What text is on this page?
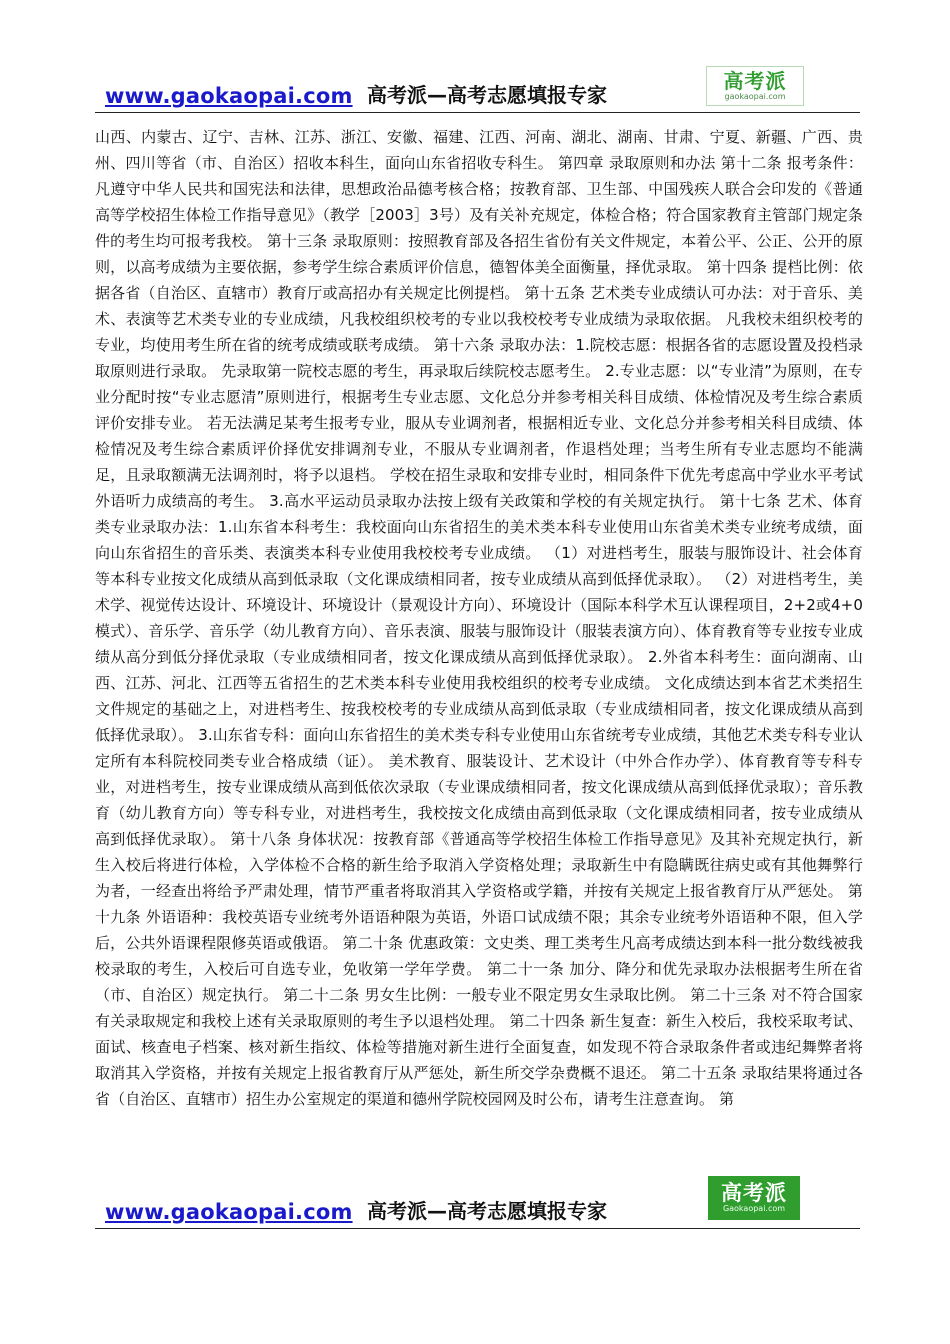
www.gaokaopai.com 高考派—高考志愿填报专家
高考派
gaokaopai.com
山西、内蒙古、辽宁、吉林、江苏、浙江、安徽、福建、江西、河南、湖北、湖南、甘肃、宁夏、新疆、广西、贵州、四川等省（市、自治区）招收本科生，面向山东省招收专科生。 第四章 录取原则和办法 第十二条 报考条件：凡遵守中华人民共和国宪法和法律，思想政治品德考核合格；按教育部、卫生部、中国残疾人联合会印发的《普通高等学校招生体检工作指导意见》（教学［2003］3号）及有关补充规定，体检合格；符合国家教育主管部门规定条件的考生均可报考我校。 第十三条 录取原则：按照教育部及各招生省份有关文件规定，本着公平、公正、公开的原则，以高考成绩为主要依据，参考学生综合素质评价信息，德智体美全面衡量，择优录取。 第十四条 提档比例：依据各省（自治区、直辖市）教育厅或高招办有关规定比例提档。 第十五条 艺术类专业成绩认可办法：对于音乐、美术、表演等艺术类专业的专业成绩，凡我校组织校考的专业以我校校考专业成绩为录取依据。 凡我校未组织校考的专业，均使用考生所在省的统考成绩或联考成绩。 第十六条 录取办法：1.院校志愿：根据各省的志愿设置及投档录取原则进行录取。 先录取第一院校志愿的考生，再录取后续院校志愿考生。 2.专业志愿：以“专业清”为原则，在专业分配时按“专业志愿清”原则进行，根据考生专业志愿、文化总分并参考相关科目成绩、体检情况及考生综合素质评价安排专业。 若无法满足某考生报考专业，服从专业调剂者，根据相近专业、文化总分并参考相关科目成绩、体检情况及考生综合素质评价择优安排调剂专业，不服从专业调剂者，作退档处理；当考生所有专业志愿均不能满足，且录取额满无法调剂时，将予以退档。 学校在招生录取和安排专业时，相同条件下优先考虑高中学业水平考试外语听力成绩高的考生。 3.高水平运动员录取办法按上级有关政策和学校的有关规定执行。 第十七条 艺术、体育类专业录取办法：1.山东省本科考生：我校面向山东省招生的美术类本科专业使用山东省美术类专业统考成绩，面向山东省招生的音乐类、表演类本科专业使用我校校考专业成绩。 （1）对进档考生，服装与服饰设计、社会体育等本科专业按文化成绩从高到低录取（文化课成绩相同者，按专业成绩从高到低择优录取）。 （2）对进档考生，美术学、视觉传达设计、环境设计、环境设计（景观设计方向）、环境设计（国际本科学术互认课程项目，2+2或4+0模式）、音乐学、音乐学（幼儿教育方向）、音乐表演、服装与服饰设计（服装表演方向）、体育教育等专业按专业成绩从高分到低分择优录取（专业成绩相同者，按文化课成绩从高到低择优录取）。 2.外省本科考生：面向湖南、山西、江苏、河北、江西等五省招生的艺术类本科专业使用我校组织的校考专业成绩。 文化成绩达到本省艺术类招生文件规定的基础之上，对进档考生、按我校校考的专业成绩从高到低录取（专业成绩相同者，按文化课成绩从高到低择优录取）。 3.山东省专科：面向山东省招生的美术类专科专业使用山东省统考专业成绩，其他艺术类专科专业认定所有本科院校同类专业合格成绩（证）。 美术教育、服装设计、艺术设计（中外合作办学）、体育教育等专科专业，对进档考生，按专业课成绩从高到低依次录取（专业课成绩相同者，按文化课成绩从高到低择优录取）；音乐教育（幼儿教育方向）等专科专业，对进档考生，我校按文化成绩由高到低录取（文化课成绩相同者，按专业成绩从高到低择优录取）。 第十八条 身体状况：按教育部《普通高等学校招生体检工作指导意见》及其补充规定执行，新生入校后将进行体检，入学体检不合格的新生给予取消入学资格处理；录取新生中有隐瞒既往病史或有其他舞弊行为者，一经查出将给予严肃处理，情节严重者将取消其入学资格或学籍，并按有关规定上报省教育厅从严惩处。 第十九条 外语语种：我校英语专业统考外语语种限为英语，外语口试成绩不限；其余专业统考外语语种不限，但入学后，公共外语课程限修英语或俄语。 第二十条 优惠政策：文史类、理工类考生凡高考成绩达到本科一批分数线被我校录取的考生，入校后可自选专业，免收第一学年学费。 第二十一条 加分、降分和优先录取办法根据考生所在省（市、自治区）规定执行。 第二十二条 男女生比例：一般专业不限定男女生录取比例。 第二十三条 对不符合国家有关录取规定和我校上述有关录取原则的考生予以退档处理。 第二十四条 新生复查：新生入校后，我校采取考试、面试、核查电子档案、核对新生指纹、体检等措施对新生进行全面复查，如发现不符合录取条件者或违纪舞弊者将取消其入学资格，并按有关规定上报省教育厅从严惩处，新生所交学杂费概不退还。 第二十五条 录取结果将通过各省（自治区、直辖市）招生办公室规定的渠道和德州学院校园网及时公布，请考生注意查询。 第
www.gaokaopai.com 高考派—高考志愿填报专家
高考派
Gaokaopai.com
